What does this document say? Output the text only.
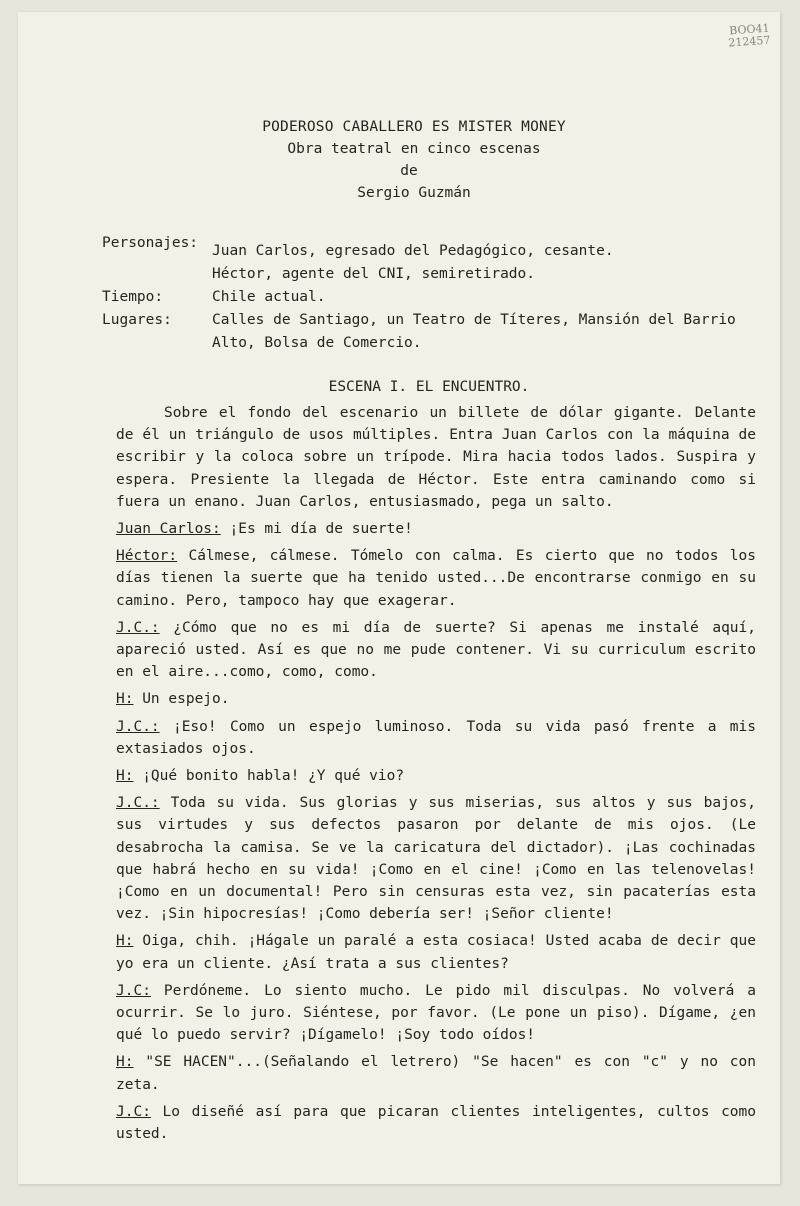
BOO41
212457
PODEROSO CABALLERO ES MISTER MONEY
Obra teatral en cinco escenas
de
Sergio Guzmán
Personajes: Juan Carlos, egresado del Pedagógico, cesante.
Héctor, agente del CNI, semiretirado.
Tiempo:	Chile actual.
Lugares:	Calles de Santiago, un Teatro de Títeres, Mansión del Barrio Alto, Bolsa de Comercio.
ESCENA I. EL ENCUENTRO.

Sobre el fondo del escenario un billete de dólar gigante. Delante de él un triángulo de usos múltiples. Entra Juan Carlos con la máquina de escribir y la coloca sobre un trípode. Mira hacia todos lados. Suspira y espera. Presiente la llegada de Héctor. Este entra caminando como si fuera un enano. Juan Carlos, entusiasmado, pega un salto.

Juan Carlos: ¡Es mi día de suerte!

Héctor: Cálmese, cálmese. Tómelo con calma. Es cierto que no todos los días tienen la suerte que ha tenido usted...De encontrarse conmigo en su camino. Pero, tampoco hay que exagerar.

J.C.: ¿Cómo que no es mi día de suerte? Si apenas me instalé aquí, apareció usted. Así es que no me pude contener. Vi su curriculum escrito en el aire...como, como, como.

H: Un espejo.

J.C.: ¡Eso! Como un espejo luminoso. Toda su vida pasó frente a mis extasiados ojos.

H: ¡Qué bonito habla! ¿Y qué vio?

J.C.: Toda su vida. Sus glorias y sus miserias, sus altos y sus bajos, sus virtudes y sus defectos pasaron por delante de mis ojos. (Le desabrocha la camisa. Se ve la caricatura del dictador). ¡Las cochinadas que habrá hecho en su vida! ¡Como en el cine! ¡Como en las telenovelas! ¡Como en un documental! Pero sin censuras esta vez, sin pacaterías esta vez. ¡Sin hipocresías! ¡Como debería ser! ¡Señor cliente!

H: Oiga, chih. ¡Hágale un paralé a esta cosiaca! Usted acaba de decir que yo era un cliente. ¿Así trata a sus clientes?

J.C: Perdóneme. Lo siento mucho. Le pido mil disculpas. No volverá a ocurrir. Se lo juro. Siéntese, por favor. (Le pone un piso). Dígame, ¿en qué lo puedo servir? ¡Dígamelo! ¡Soy todo oídos!

H: "SE HACEN"...(Señalando el letrero) "Se hacen" es con "c" y no con zeta.

J.C: Lo diseñé así para que picaran clientes inteligentes, cultos como usted.
